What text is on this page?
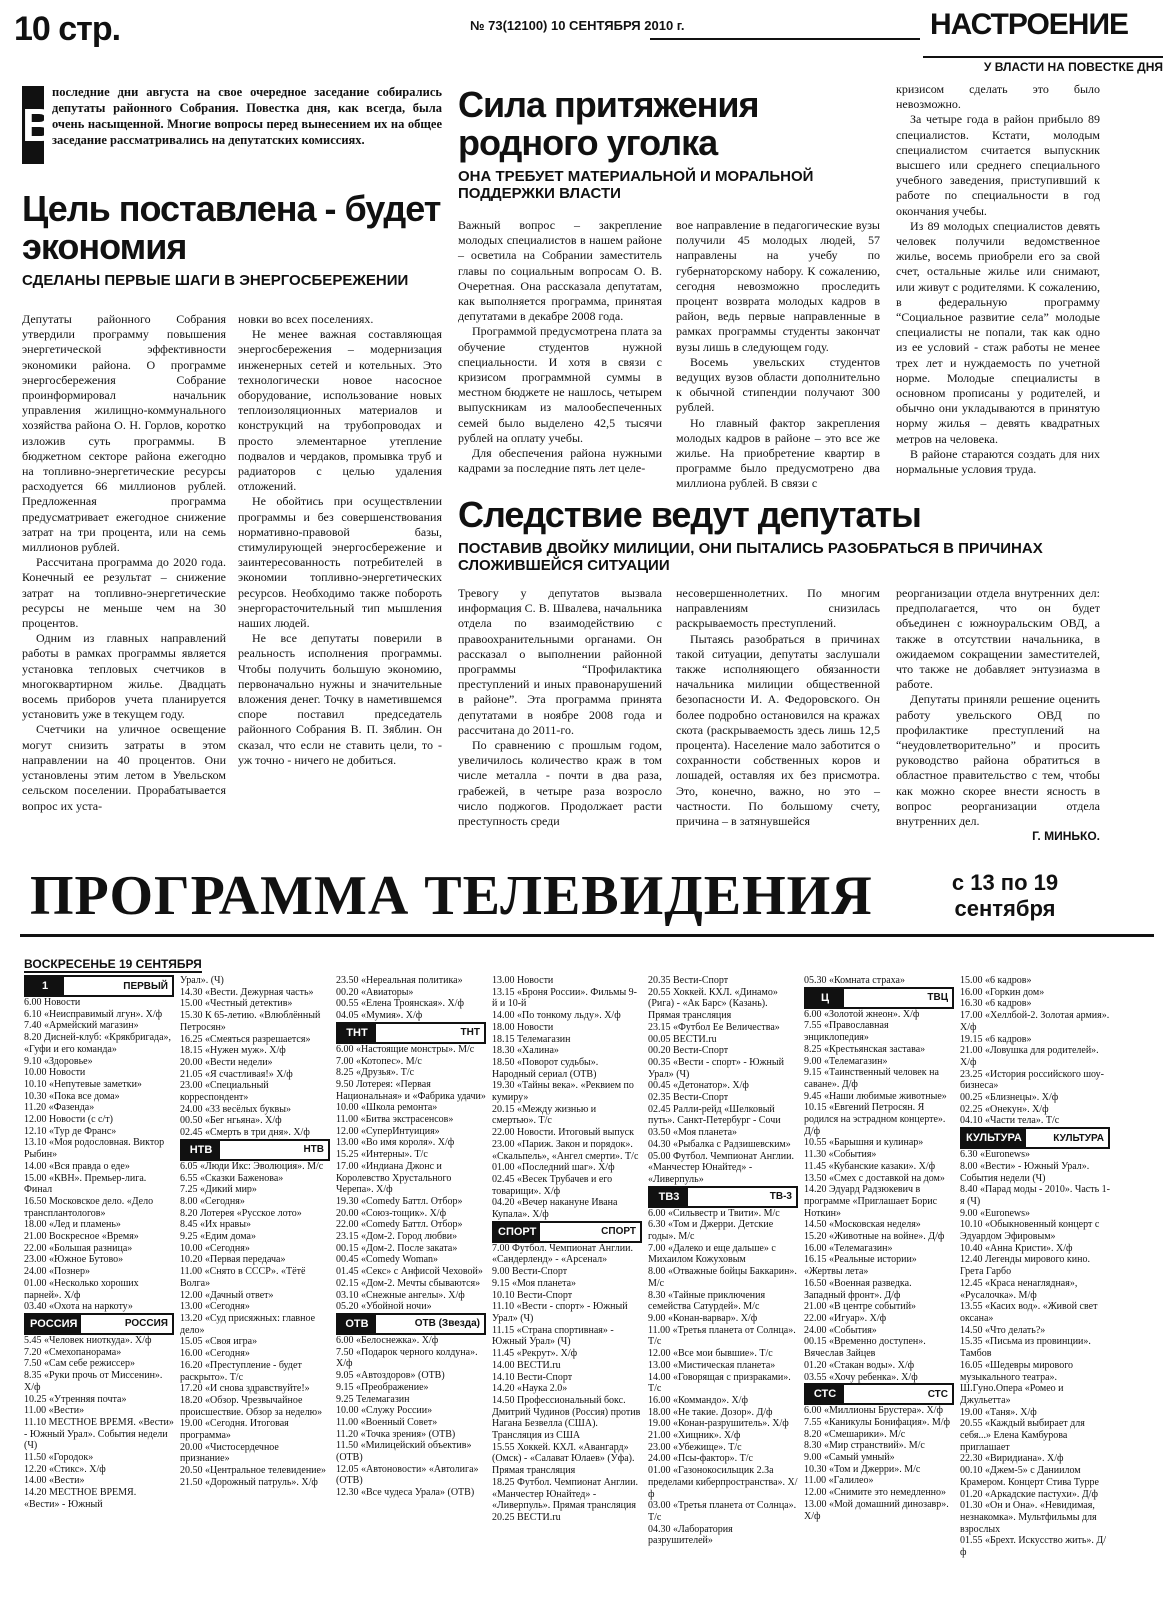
10 стр.	№ 73(12100) 10 СЕНТЯБРЯ 2010 г.	НАСТРОЕНИЕ
У ВЛАСТИ НА ПОВЕСТКЕ ДНЯ
В
последние дни августа на свое очередное заседание собирались депутаты районного Собрания. Повестка дня, как всегда, была очень насыщенной. Многие вопросы перед вынесением их на общее заседание рассматривались на депутатских комиссиях.
Цель поставлена - будет экономия
СДЕЛАНЫ ПЕРВЫЕ ШАГИ В ЭНЕРГОСБЕРЕЖЕНИИ

Депутаты районного Собрания утвердили программу повышения энергетической эффективности экономики района. О программе энергосбережения Собрание проинформировал начальник управления жилищно-коммунального хозяйства района О. Н. Горлов, коротко изложив суть программы. В бюджетном секторе района ежегодно на топливно-энергетические ресурсы расходуется 66 миллионов рублей. Предложенная программа предусматривает ежегодное снижение затрат на три процента, или на семь миллионов рублей.

Рассчитана программа до 2020 года. Конечный ее результат – снижение затрат на топливно-энергетические ресурсы не меньше чем на 30 процентов.

Одним из главных направлений работы в рамках программы является установка тепловых счетчиков в многоквартирном жилье. Двадцать восемь приборов учета планируется установить уже в текущем году.

Счетчики на уличное освещение могут снизить затраты в этом направлении на 40 процентов. Они установлены этим летом в Увельском сельском поселении. Прорабатывается вопрос их уста-

новки во всех поселениях.

Не менее важная составляющая энергосбережения – модернизация инженерных сетей и котельных. Это технологически новое насосное оборудование, использование новых теплоизоляционных материалов и конструкций на трубопроводах и просто элементарное утепление подвалов и чердаков, промывка труб и радиаторов с целью удаления отложений.

Не обойтись при осуществлении программы и без совершенствования нормативно-правовой базы, стимулирующей энергосбережение и заинтересованность потребителей в экономии топливно-энергетических ресурсов. Необходимо также побороть энергорасточительный тип мышления наших людей.

Не все депутаты поверили в реальность исполнения программы. Чтобы получить большую экономию, первоначально нужны и значительные вложения денег. Точку в наметившемся споре поставил председатель районного Собрания В. П. Зяблин. Он сказал, что если не ставить цели, то - уж точно - ничего не добиться.

Сила притяжения родного уголка
ОНА ТРЕБУЕТ МАТЕРИАЛЬНОЙ И МОРАЛЬНОЙ ПОДДЕРЖКИ ВЛАСТИ

Важный вопрос – закрепление молодых специалистов в нашем районе – осветила на Собрании заместитель главы по социальным вопросам О. В. Очеретная. Она рассказала депутатам, как выполняется программа, принятая депутатами в декабре 2008 года.

Программой предусмотрена плата за обучение студентов нужной специальности. И хотя в связи с кризисом программной суммы в местном бюджете не нашлось, четырем выпускникам из малообеспеченных семей было выделено 42,5 тысячи рублей на оплату учебы.

Для обеспечения района нужными кадрами за последние пять лет целе-

вое направление в педагогические вузы получили 45 молодых людей, 57 направлены на учебу по губернаторскому набору. К сожалению, сегодня невозможно проследить процент возврата молодых кадров в район, ведь первые направленные в рамках программы студенты закончат вузы лишь в следующем году.

Восемь увельских студентов ведущих вузов области дополнительно к обычной стипендии получают 300 рублей.

Но главный фактор закрепления молодых кадров в районе – это все же жилье. На приобретение квартир в программе было предусмотрено два миллиона рублей. В связи с

кризисом сделать это было невозможно.

За четыре года в район прибыло 89 специалистов. Кстати, молодым специалистом считается выпускник высшего или среднего специального учебного заведения, приступивший к работе по специальности в год окончания учебы.

Из 89 молодых специалистов девять человек получили ведомственное жилье, восемь приобрели его за свой счет, остальные жилье или снимают, или живут с родителями. К сожалению, в федеральную программу “Социальное развитие села” молодые специалисты не попали, так как одно из ее условий - стаж работы не менее трех лет и нуждаемость по учетной норме. Молодые специалисты в основном прописаны у родителей, и обычно они укладываются в принятую норму жилья – девять квадратных метров на человека.

В районе стараются создать для них нормальные условия труда.

Следствие ведут депутаты
ПОСТАВИВ ДВОЙКУ МИЛИЦИИ, ОНИ ПЫТАЛИСЬ РАЗОБРАТЬСЯ В ПРИЧИНАХ СЛОЖИВШЕЙСЯ СИТУАЦИИ

Тревогу у депутатов вызвала информация С. В. Швалева, начальника отдела по взаимодействию с правоохранительными органами. Он рассказал о выполнении районной программы “Профилактика преступлений и иных правонарушений в районе”. Эта программа принята депутатами в ноябре 2008 года и рассчитана до 2011-го.

По сравнению с прошлым годом, увеличилось количество краж в том числе металла - почти в два раза, грабежей, в четыре раза возросло число поджогов. Продолжает расти преступность среди

несовершеннолетних. По многим направлениям снизилась раскрываемость преступлений.

Пытаясь разобраться в причинах такой ситуации, депутаты заслушали также исполняющего обязанности начальника милиции общественной безопасности И. А. Федоровского. Он более подробно остановился на кражах скота (раскрываемость здесь лишь 12,5 процента). Население мало заботится о сохранности собственных коров и лошадей, оставляя их без присмотра. Это, конечно, важно, но это – частности. По большому счету, причина – в затянувшейся

реорганизации отдела внутренних дел: предполагается, что он будет объединен с южноуральским ОВД, а также в отсутствии начальника, в ожидаемом сокращении заместителей, что также не добавляет энтузиазма в работе.

Депутаты приняли решение оценить работу увельского ОВД по профилактике преступлений на “неудовлетворительно” и просить руководство района обратиться в областное правительство с тем, чтобы как можно скорее внести ясность в вопрос реорганизации отдела внутренних дел.

Г. МИНЬКО.
ПРОГРАММА ТЕЛЕВИДЕНИЯ	с 13 по 19 сентября
ВОСКРЕСЕНЬЕ 19 СЕНТЯБРЯ
1	ПЕРВЫЙ
6.00 Новости
6.10 «Неисправимый лгун». Х/ф
7.40 «Армейский магазин»
8.20 Дисней-клуб: «Крякбригада», «Гуфи и его команда»
9.10 «Здоровье»
10.00 Новости
10.10 «Непутевые заметки»
10.30 «Пока все дома»
11.20 «Фазенда»
12.00 Новости (с с/т)
12.10 «Тур де Франс»
13.10 «Моя родословная. Виктор Рыбин»
14.00 «Вся правда о еде»
15.00 «КВН». Премьер-лига. Финал
16.50 Московское дело. «Дело трансплантологов»
18.00 «Лед и пламень»
21.00 Воскресное «Время»
22.00 «Большая разница»
23.00 «Южное Бутово»
24.00 «Познер»
01.00 «Несколько хороших парней». Х/ф
03.40 «Охота на наркоту»
РОССИЯ	РОССИЯ
5.45 «Человек ниоткуда». Х/ф
7.20 «Смехопанорама»
7.50 «Сам себе режиссер»
8.35 «Руки прочь от Миссенин». Х/ф
10.25 «Утренняя почта»
11.00 «Вести»
11.10 МЕСТНОЕ ВРЕМЯ. «Вести» - Южный Урал». События недели (Ч)
11.50 «Городок»
12.20 «Стикс». Х/ф
14.00 «Вести»
14.20 МЕСТНОЕ ВРЕМЯ. «Вести» - Южный
Урал». (Ч)
14.30 «Вести. Дежурная часть»
15.00 «Честный детектив»
15.30 К 65-летию. «Влюблённый Петросян»
16.25 «Смеяться разрешается»
18.15 «Нужен муж». Х/ф
20.00 «Вести недели»
21.05 «Я счастливая!» Х/ф
23.00 «Специальный корреспондент»
24.00 «33 весёлых буквы»
00.50 «Бег нгьяна». Х/ф
02.45 «Смерть в три дня». Х/ф
НТВ	НТВ
6.05 «Люди Икс: Эволюция». М/с
6.55 «Сказки Баженова»
7.25 «Дикий мир»
8.00 «Сегодня»
8.20 Лотерея «Русское лото»
8.45 «Их нравы»
9.25 «Едим дома»
10.00 «Сегодня»
10.20 «Первая передача»
11.00 «Снято в СССР». «Тётё Волга»
12.00 «Дачный ответ»
13.00 «Сегодня»
13.20 «Суд присяжных: главное дело»
15.05 «Своя игра»
16.00 «Сегодня»
16.20 «Преступление - будет раскрыто». Т/с
17.20 «И снова здравствуйте!»
18.20 «Обзор. Чрезвычайное происшествие. Обзор за неделю»
19.00 «Сегодня. Итоговая программа»
20.00 «Чистосердечное признание»
20.50 «Центральное телевидение»
21.50 «Дорожный патруль». Х/ф
23.50 «Нереальная политика»
00.20 «Авиаторы»
00.55 «Елена Троянская». Х/ф
04.05 «Мумия». Х/ф
ТНТ	ТНТ
6.00 «Настоящие монстры». М/с
7.00 «Котопес». М/с
8.25 «Друзья». Т/с
9.50 Лотерея: «Первая Национальная» и «Фабрика удачи»
10.00 «Школа ремонта»
11.00 «Битва экстрасенсов»
12.00 «СуперИнтуиция»
13.00 «Во имя короля». Х/ф
15.25 «Интерны». Т/с
17.00 «Индиана Джонс и Королевство Хрустального Черепа». Х/ф
19.30 «Comedy Баттл. Отбор»
20.00 «Союз-тощик». Х/ф
22.00 «Comedy Баттл. Отбор»
23.15 «Дом-2. Город любви»
00.15 «Дом-2. После заката»
00.45 «Comedy Woman»
01.45 «Секс» с Анфисой Чеховой»
02.15 «Дом-2. Мечты сбываются»
03.10 «Снежные ангелы». Х/ф
05.20 «Убойной ночи»
ОТВ	ОТВ (Звезда)
6.00 «Белоснежка». Х/ф
7.50 «Подарок черного колдуна». Х/ф
9.05 «Автоздоров» (ОТВ)
9.15 «Преображение»
9.25 Телемагазин
10.00 «Служу России»
11.00 «Военный Совет»
11.20 «Точка зрения» (ОТВ)
11.50 «Милицейский объектив» (ОТВ)
12.05 «Автоновости» «Автолига» (ОТВ)
12.30 «Все чудеса Урала» (ОТВ)
13.00 Новости
13.15 «Броня России». Фильмы 9-й и 10-й
14.00 «По тонкому льду». Х/ф
18.00 Новости
18.15 Телемагазин
18.30 «Халина»
18.50 «Поворот судьбы». Народный сериал (ОТВ)
19.30 «Тайны века». «Реквием по кумиру»
20.15 «Между жизнью и смертью». Т/с
22.00 Новости. Итоговый выпуск
23.00 «Париж. Закон и порядок». «Скальпель», «Ангел смерти». Т/с
01.00 «Последний шаг». Х/ф
02.45 «Весек Трубачев и его товарищи». Х/ф
04.20 «Вечер накануне Ивана Купала». Х/ф
СПОРТ	СПОРТ
7.00 Футбол. Чемпионат Англии. «Сандерленд» - «Арсенал»
9.00 Вести-Спорт
9.15 «Моя планета»
10.10 Вести-Спорт
11.10 «Вести - спорт» - Южный Урал» (Ч)
11.15 «Страна спортивная» - Южный Урал» (Ч)
11.45 «Рекрут». Х/ф
14.00 ВЕСТИ.ru
14.10 Вести-Спорт
14.20 «Наука 2.0»
14.50 Профессиональный бокс. Дмитрий Чудинов (Россия) против Нагана Безвелла (США). Трансляция из США
15.55 Хоккей. КХЛ. «Авангард» (Омск) - «Салават Юлаев» (Уфа). Прямая трансляция
18.25 Футбол. Чемпионат Англии. «Манчестер Юнайтед» - «Ливерпуль». Прямая трансляция
20.25 ВЕСТИ.ru
20.35 Вести-Спорт
20.55 Хоккей. КХЛ. «Динамо» (Рига) - «Ак Барс» (Казань). Прямая трансляция
23.15 «Футбол Ее Величества»
00.05 ВЕСТИ.ru
00.20 Вести-Спорт
00.35 «Вести - спорт» - Южный Урал» (Ч)
00.45 «Детонатор». Х/ф
02.35 Вести-Спорт
02.45 Ралли-рейд «Шелковый путь». Санкт-Петербург - Сочи
03.50 «Моя планета»
04.30 «Рыбалка с Радзишевским»
05.00 Футбол. Чемпионат Англии. «Манчестер Юнайтед» - «Ливерпуль»
ТВ3	ТВ-3
6.00 «Сильвестр и Твити». М/с
6.30 «Том и Джерри. Детские годы». М/с
7.00 «Далеко и еще дальше» с Михаилом Кожуховым
8.00 «Отважные бойцы Баккарин». М/с
8.30 «Тайные приключения семейства Сатурдей». М/с
9.00 «Конан-варвар». Х/ф
11.00 «Третья планета от Солнца». Т/с
12.00 «Все мои бывшие». Т/с
13.00 «Мистическая планета»
14.00 «Говорящая с призраками». Т/с
16.00 «Коммандо». Х/ф
18.00 «Не такие. Дозор». Д/ф
19.00 «Конан-разрушитель». Х/ф
21.00 «Хищник». Х/ф
23.00 «Убежище». Т/с
24.00 «Псы-фактор». Т/с
01.00 «Газонокосильщик 2.За пределами киберпространства». Х/ф
03.00 «Третья планета от Солнца». Т/с
04.30 «Лаборатория разрушителей»
05.30 «Комната страха»
Ц	ТВЦ
6.00 «Золотой жнеон». Х/ф
7.55 «Православная энциклопедия»
8.25 «Крестьянская застава»
9.00 «Телемагазин»
9.15 «Таинственный человек на саване». Д/ф
9.45 «Наши любимые животные»
10.15 «Евгений Петросян. Я родился на эстрадном концерте». Д/ф
10.55 «Барышня и кулинар»
11.30 «События»
11.45 «Кубанские казаки». Х/ф
13.50 «Смех с доставкой на дом»
14.20 Эдуард Радзюкевич в программе «Приглашает Борис Ноткин»
14.50 «Московская неделя»
15.20 «Животные на войне». Д/ф
16.00 «Телемагазин»
16.15 «Реальные истории» «Жертвы лета»
16.50 «Военная разведка. Западный фронт». Д/ф
21.00 «В центре событий»
22.00 «Игуар». Х/ф
24.00 «События»
00.15 «Временно доступен». Вячеслав Зайцев
01.20 «Стакан воды». Х/ф
03.55 «Хочу ребенка». Х/ф
СТС	СТС
6.00 «Миллионы Брустера». Х/ф
7.55 «Каникулы Бонифация». М/ф
8.20 «Смешарики». М/с
8.30 «Мир странствий». М/с
9.00 «Самый умный»
10.30 «Том и Джерри». М/с
11.00 «Галилео»
12.00 «Снимите это немедленно»
13.00 «Мой домашний динозавр». Х/ф
15.00 «6 кадров»
16.00 «Горкин дом»
16.30 «6 кадров»
17.00 «Хеллбой-2. Золотая армия». Х/ф
19.15 «6 кадров»
21.00 «Ловушка для родителей». Х/ф
23.25 «История российского шоу-бизнеса»
00.25 «Близнецы». Х/ф
02.25 «Онекун». Х/ф
04.10 «Части тела». Т/с
КУЛЬТУРА	КУЛЬТУРА
6.30 «Euronews»
8.00 «Вести» - Южный Урал». События недели (Ч)
8.40 «Парад моды - 2010». Часть 1-я (Ч)
9.00 «Euronews»
10.10 «Обыкновенный концерт с Эдуардом Эфировым»
10.40 «Анна Кристи». Х/ф
12.40 Легенды мирового кино. Грета Гарбо
12.45 «Краса ненаглядная», «Русалочка». М/ф
13.55 «Касих вод». «Живой свет оксана»
14.50 «Что делать?»
15.35 «Письма из провинции». Тамбов
16.05 «Шедевры мирового музыкального театра». Ш.Гуно.Опера «Ромео и Джульетта»
19.00 «Таня». Х/ф
20.55 «Каждый выбирает для себя...» Елена Камбурова приглашает
22.30 «Виридиана». Х/ф
00.10 «Джем-5» с Даниилом Крамером. Концерт Стива Турре
01.20 «Аркадские пастухи». Д/ф
01.30 «Он и Она». «Невидимая, незнакомка». Мультфильмы для взрослых
01.55 «Брехт. Искусство жить». Д/ф
